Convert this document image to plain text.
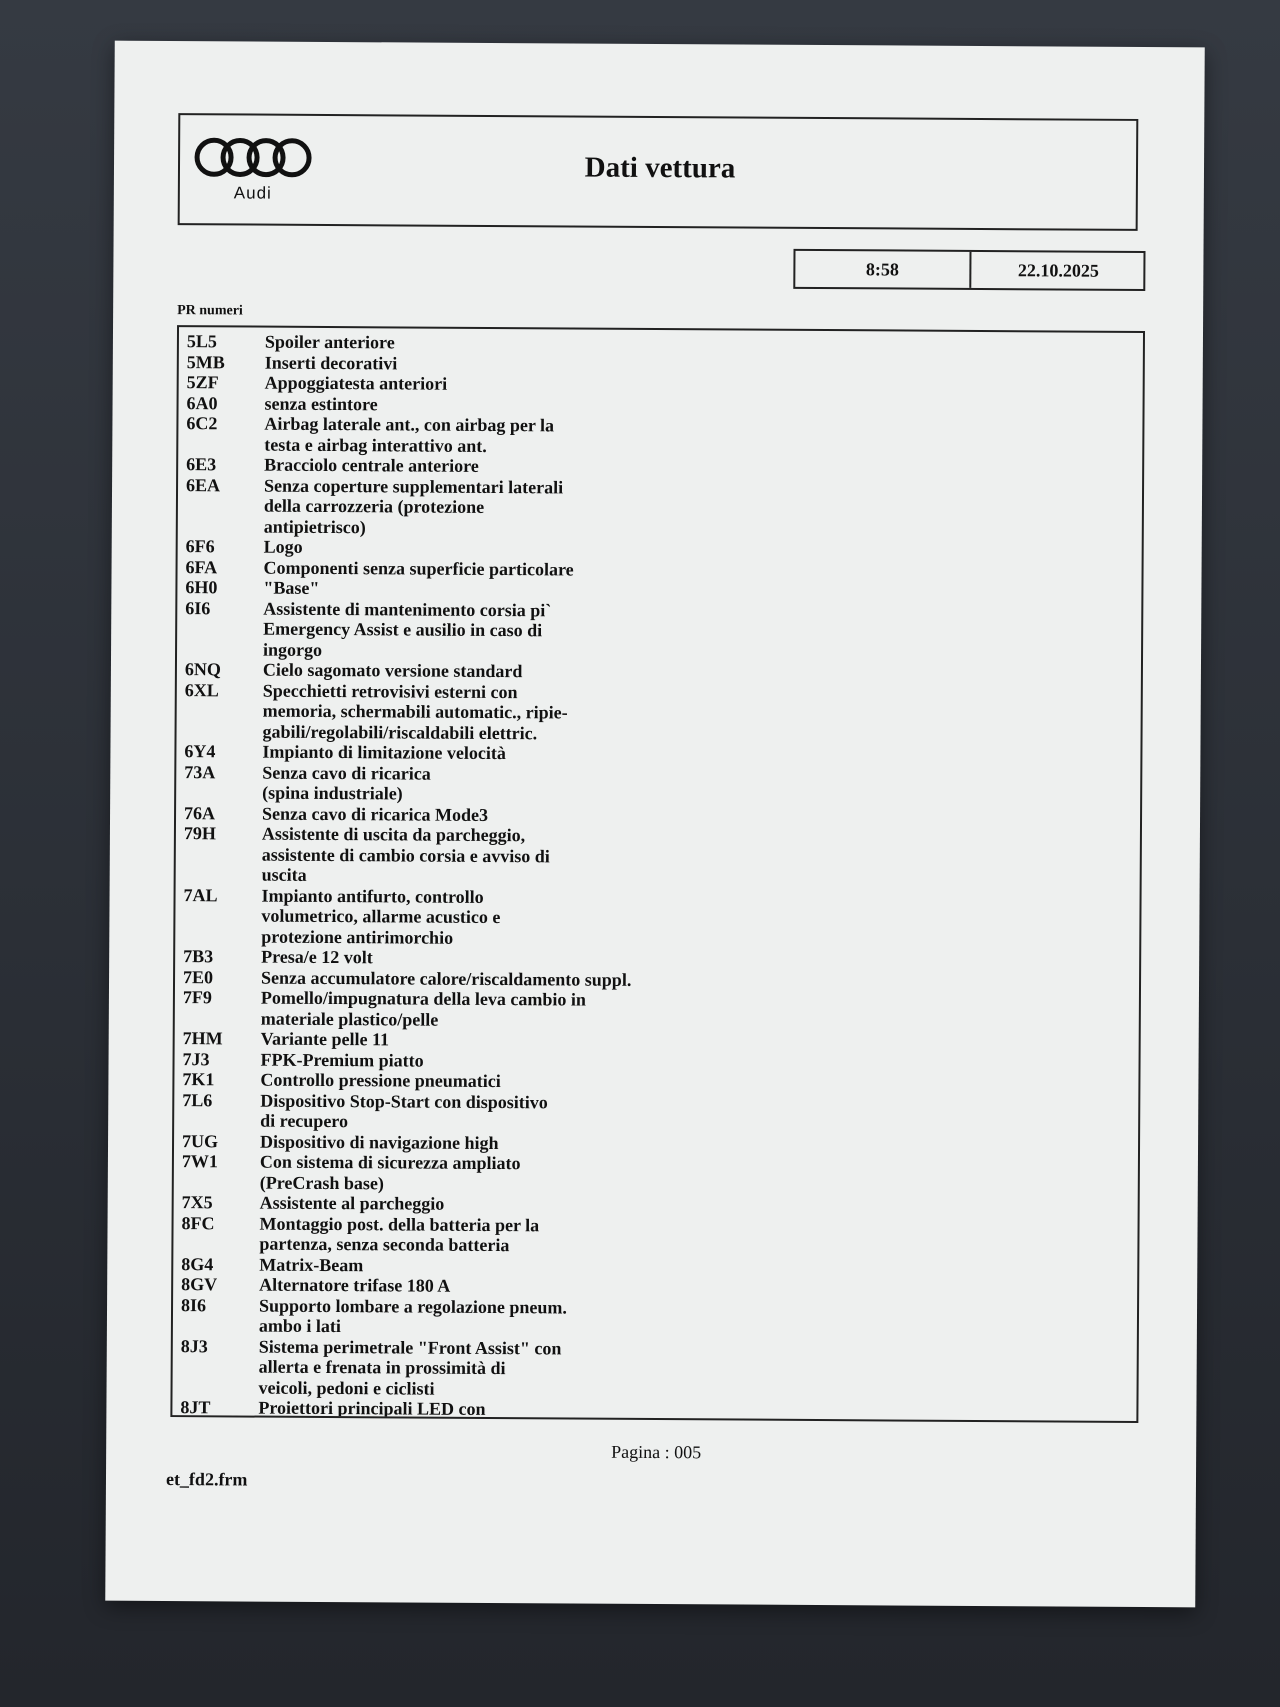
Audi
Dati vettura
8:58	22.10.2025
PR numeri
5L5	Spoiler anteriore
5MB	Inserti decorativi
5ZF	Appoggiatesta anteriori
6A0	senza estintore
6C2	Airbag laterale ant., con airbag per la
testa e airbag interattivo ant.
6E3	Bracciolo centrale anteriore
6EA	Senza coperture supplementari laterali
della carrozzeria (protezione
antipietrisco)
6F6	Logo
6FA	Componenti senza superficie particolare
6H0	"Base"
6I6	Assistente di mantenimento corsia pi`
Emergency Assist e ausilio in caso di
ingorgo
6NQ	Cielo sagomato versione standard
6XL	Specchietti retrovisivi esterni con
memoria, schermabili automatic., ripie-
gabili/regolabili/riscaldabili elettric.
6Y4	Impianto di limitazione velocità
73A	Senza cavo di ricarica
(spina industriale)
76A	Senza cavo di ricarica Mode3
79H	Assistente di uscita da parcheggio,
assistente di cambio corsia e avviso di
uscita
7AL	Impianto antifurto, controllo
volumetrico, allarme acustico e
protezione antirimorchio
7B3	Presa/e 12 volt
7E0	Senza accumulatore calore/riscaldamento suppl.
7F9	Pomello/impugnatura della leva cambio in
materiale plastico/pelle
7HM	Variante pelle 11
7J3	FPK-Premium piatto
7K1	Controllo pressione pneumatici
7L6	Dispositivo Stop-Start con dispositivo
di recupero
7UG	Dispositivo di navigazione high
7W1	Con sistema di sicurezza ampliato
(PreCrash base)
7X5	Assistente al parcheggio
8FC	Montaggio post. della batteria per la
partenza, senza seconda batteria
8G4	Matrix-Beam
8GV	Alternatore trifase 180 A
8I6	Supporto lombare a regolazione pneum.
ambo i lati
8J3	Sistema perimetrale "Front Assist" con
allerta e frenata in prossimità di
veicoli, pedoni e ciclisti
8JT	Proiettori principali LED con
Pagina : 005
et_fd2.frm
